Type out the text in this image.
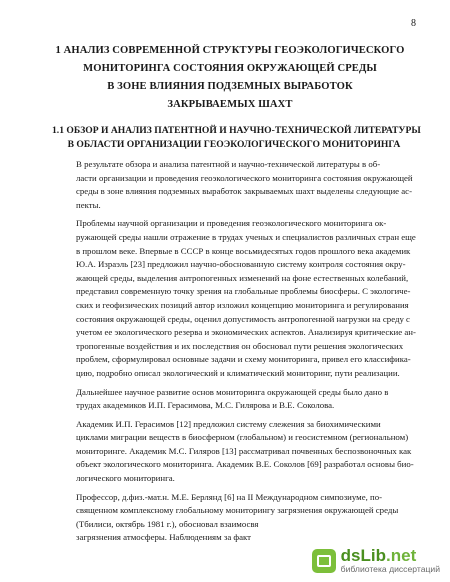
8
1 АНАЛИЗ СОВРЕМЕННОЙ СТРУКТУРЫ ГЕОЭКОЛОГИЧЕСКОГО
МОНИТОРИНГА СОСТОЯНИЯ ОКРУЖАЮЩЕЙ СРЕДЫ
В ЗОНЕ ВЛИЯНИЯ ПОДЗЕМНЫХ ВЫРАБОТОК
ЗАКРЫВАЕМЫХ ШАХТ
1.1 ОБЗОР И АНАЛИЗ ПАТЕНТНОЙ И НАУЧНО-ТЕХНИЧЕСКОЙ ЛИТЕРАТУРЫ
В ОБЛАСТИ ОРГАНИЗАЦИИ ГЕОЭКОЛОГИЧЕСКОГО МОНИТОРИНГА

В результате обзора и анализа патентной и научно-технической литературы в об-
ласти организации и проведения геоэкологического мониторинга состояния окружающей
среды в зоне влияния подземных выработок закрываемых шахт выделены следующие ас-
пекты.

Проблемы научной организации и проведения геоэкологического мониторинга ок-
ружающей среды нашли отражение в трудах ученых и специалистов различных стран еще
в прошлом веке. Впервые в СССР в конце восьмидесятых годов прошлого века академик
Ю.А. Израэль [23] предложил научно-обоснованную систему контроля состояния окру-
жающей среды, выделения антропогенных изменений на фоне естественных колебаний,
представил современную точку зрения на глобальные проблемы биосферы. С экологиче-
ских и геофизических позиций автор изложил концепцию мониторинга и регулирования
состояния окружающей среды, оценил допустимость антропогенной нагрузки на среду с
учетом ее экологического резерва и экономических аспектов. Анализируя критические ан-
тропогенные воздействия и их последствия он обосновал пути решения экологических
проблем, сформулировал основные задачи и схему мониторинга, привел его классифика-
цию, подробно описал экологический и климатический мониторинг, пути реализации.

Дальнейшее научное развитие основ мониторинга окружающей среды было дано в
трудах академиков И.П. Герасимова, М.С. Гилярова и В.Е. Соколова.

Академик И.П. Герасимов [12] предложил систему слежения за биохимическими
циклами миграции веществ в биосферном (глобальном) и геосистемном (региональном)
мониторинге. Академик М.С. Гиляров [13] рассматривал почвенных беспозвоночных как
объект экологического мониторинга. Академик В.Е. Соколов [69] разработал основы био-
логического мониторинга.

Профессор, д.физ.-мат.н. М.Е. Берлянд [6] на II Международном симпозиуме, по-
священном комплексному глобальному мониторингу загрязнения окружающей среды
(Тбилиси, октябрь 1981 г.), обосновал взаимосвя
загрязнения атмосферы. Наблюдениям за факт

dsLib.net
библиотека диссертаций
